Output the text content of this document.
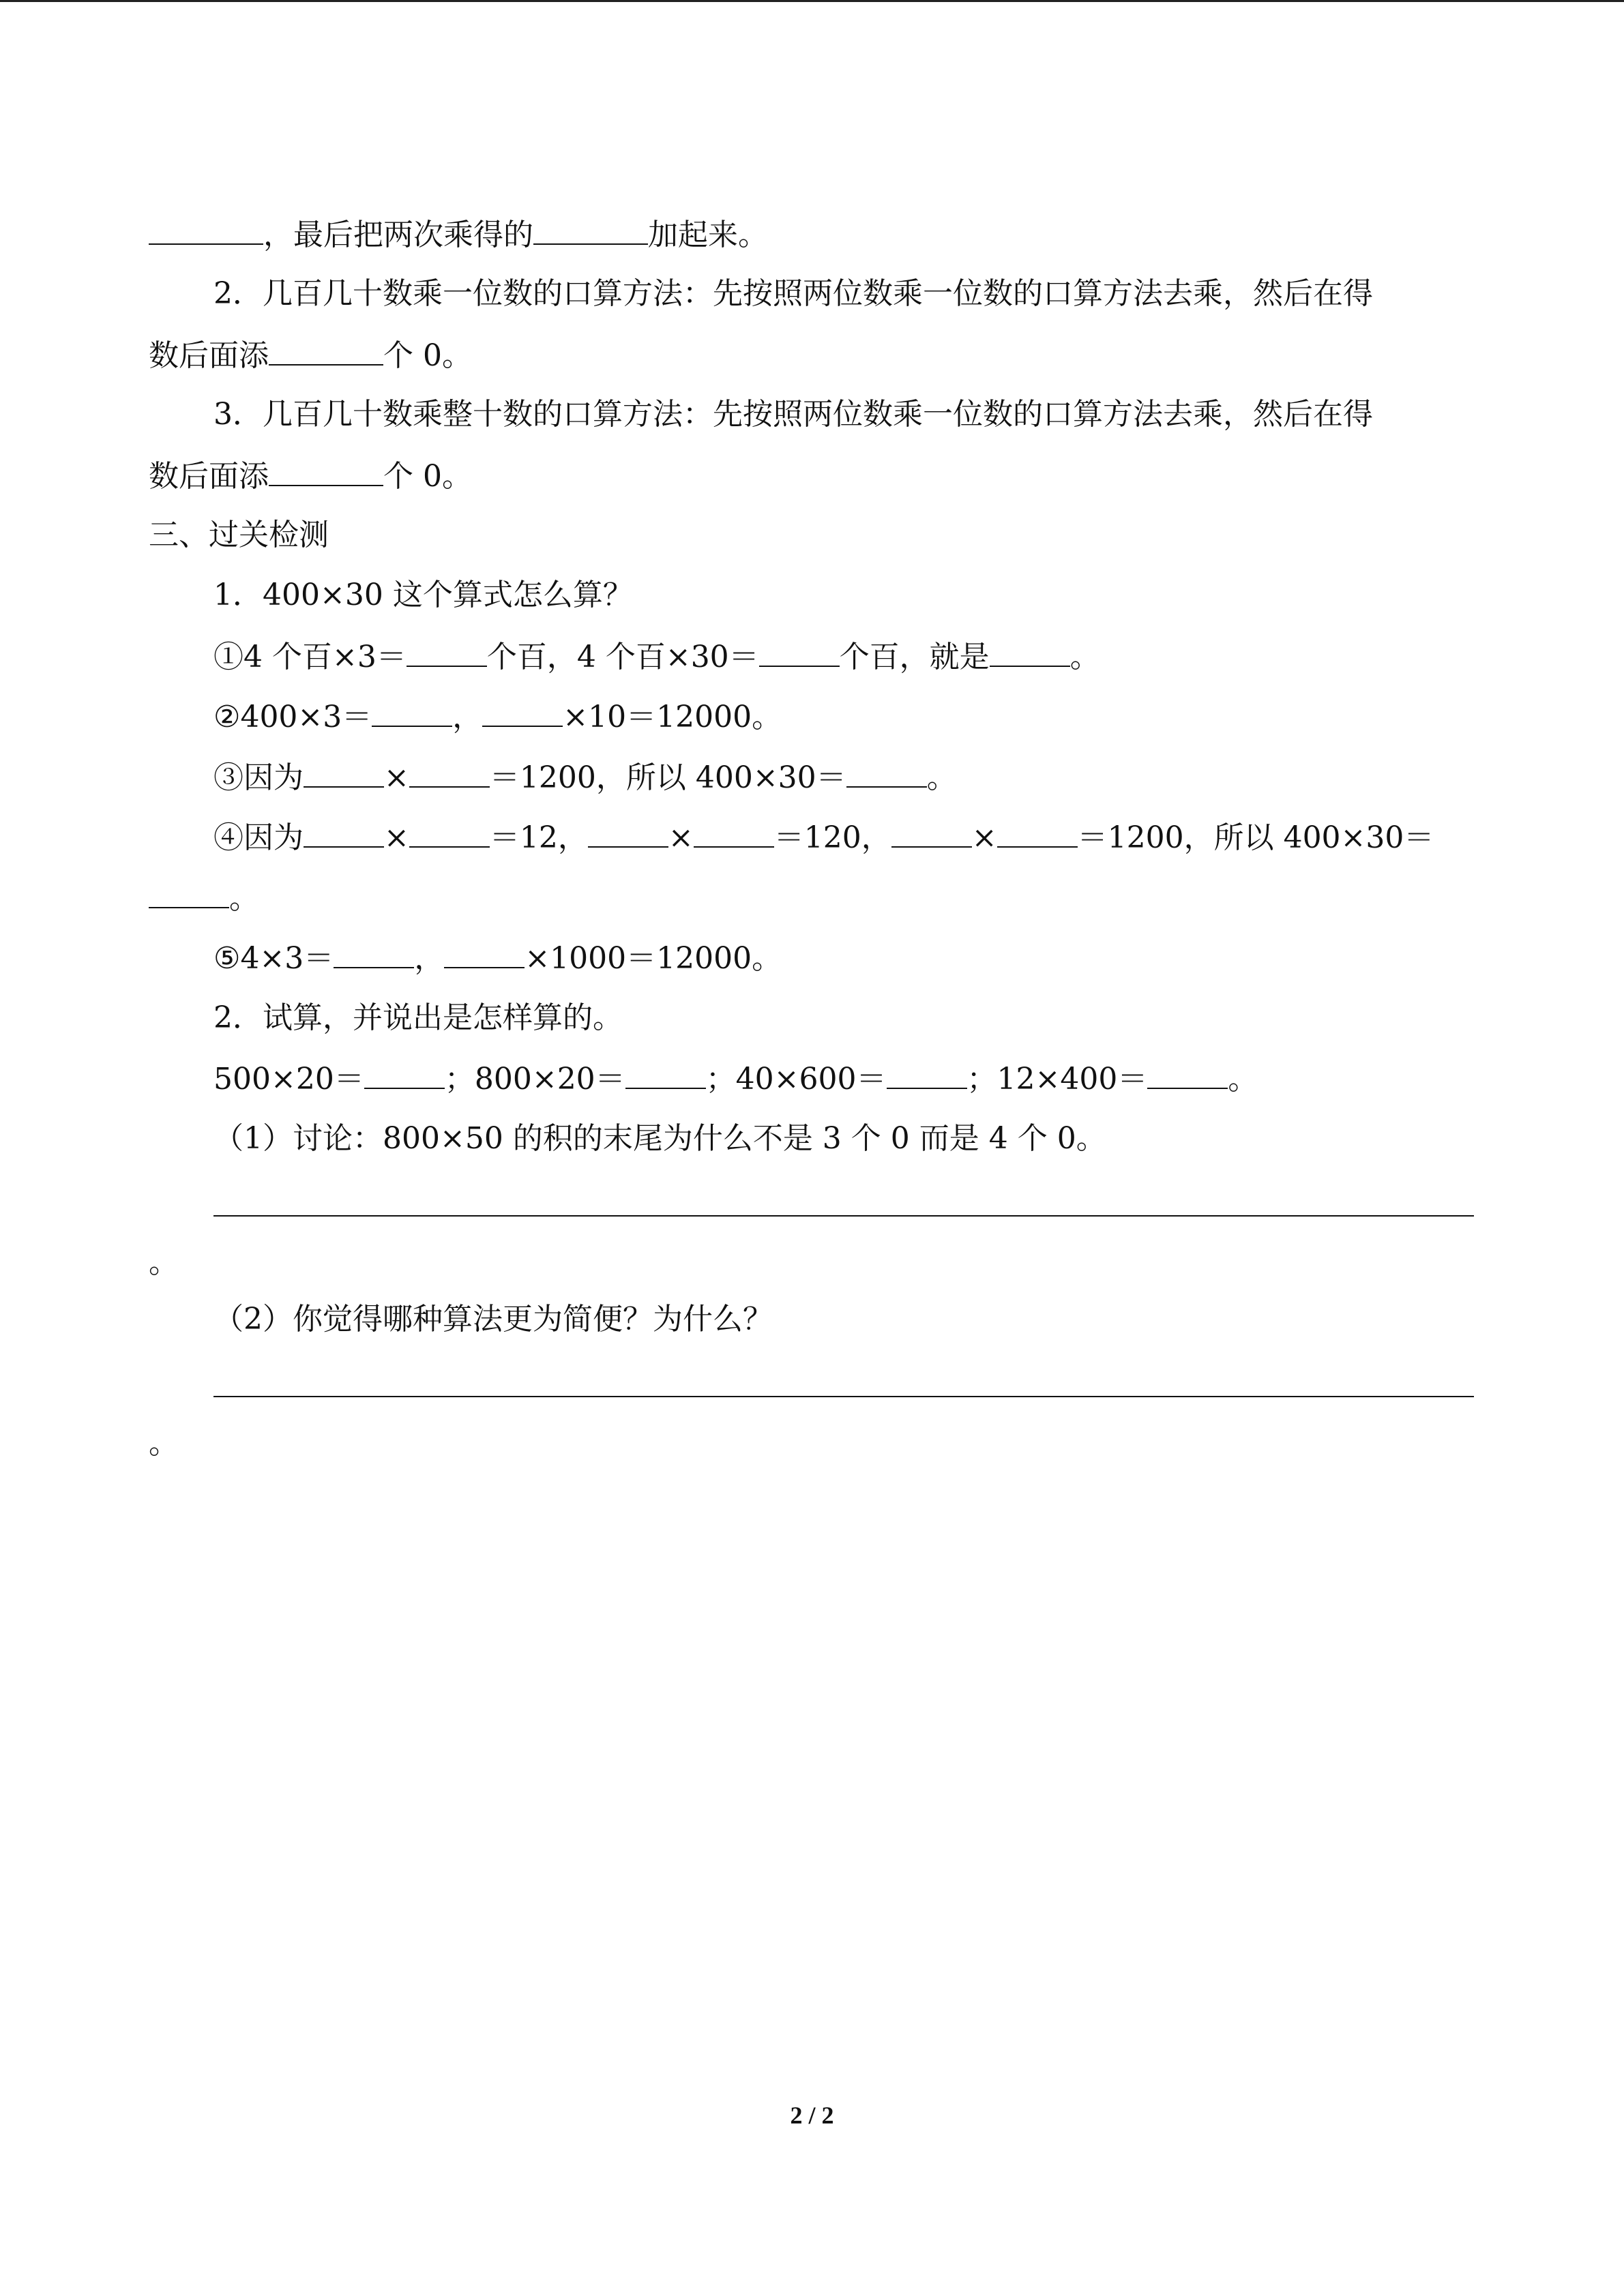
，最后把两次乘得的	加起来。
2．几百几十数乘一位数的口算方法：先按照两位数乘一位数的口算方法去乘，然后在得
数后面添	个 0。
3．几百几十数乘整十数的口算方法：先按照两位数乘一位数的口算方法去乘，然后在得
数后面添	个 0。
三、过关检测
1．400×30 这个算式怎么算？
①4 个百×3＝	个百，4 个百×30＝	个百，就是	。
②400×3＝	，	×10＝12000。
③因为	×	＝1200，所以 400×30＝	。
④因为	×	＝12，	×	＝120，	×	＝1200，所以 400×30＝
。
⑤4×3＝	，	×1000＝12000。
2．试算，并说出是怎样算的。
500×20＝	；800×20＝	；40×600＝	；12×400＝	。
（1）讨论：800×50 的积的末尾为什么不是 3 个 0 而是 4 个 0。
。
（2）你觉得哪种算法更为简便？为什么？
。
2 / 2
